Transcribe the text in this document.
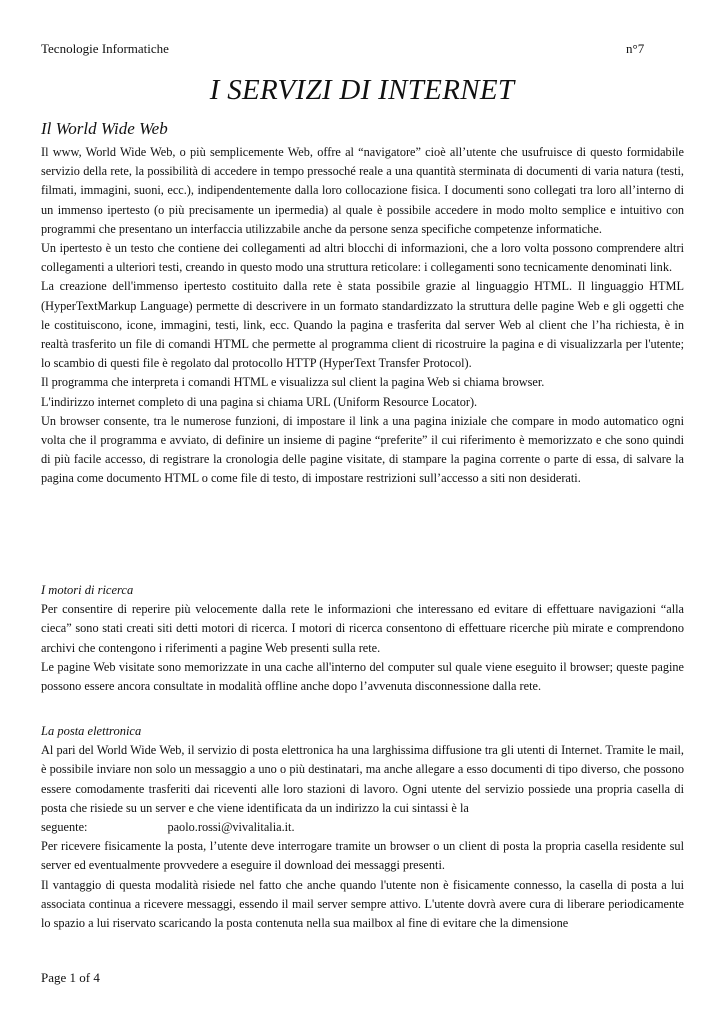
Tecnologie Informatiche	n°7
I SERVIZI DI INTERNET
Il World Wide Web

Il www, World Wide Web, o più semplicemente Web, offre al “navigatore” cioè all’utente che usufruisce di questo formidabile servizio della rete, la possibilità di accedere in tempo pressoché reale a una quantità sterminata di documenti di varia natura (testi, filmati, immagini, suoni, ecc.), indipendentemente dalla loro collocazione fisica. I documenti sono collegati tra loro all’interno di un immenso ipertesto (o più precisamente un ipermedia) al quale è possibile accedere in modo molto semplice e intuitivo con programmi che presentano un interfaccia utilizzabile anche da persone senza specifiche competenze informatiche.

Un ipertesto è un testo che contiene dei collegamenti ad altri blocchi di informazioni, che a loro volta possono comprendere altri collegamenti a ulteriori testi, creando in questo modo una struttura reticolare: i collegamenti sono tecnicamente denominati link.

La creazione dell'immenso ipertesto costituito dalla rete è stata possibile grazie al linguaggio HTML. Il linguaggio HTML (HyperTextMarkup Language) permette di descrivere in un formato standardizzato la struttura delle pagine Web e gli oggetti che le costituiscono, icone, immagini, testi, link, ecc. Quando la pagina e trasferita dal server Web al client che l’ha richiesta, è in realtà trasferito un file di comandi HTML che permette al programma client di ricostruire la pagina e di visualizzarla per l'utente; lo scambio di questi file è regolato dal protocollo HTTP (HyperText Transfer Protocol).

Il programma che interpreta i comandi HTML e visualizza sul client la pagina Web si chiama browser.

L'indirizzo internet completo di una pagina si chiama URL (Uniform Resource Locator).

Un browser consente, tra le numerose funzioni, di impostare il link a una pagina iniziale che compare in modo automatico ogni volta che il programma e avviato, di definire un insieme di pagine “preferite” il cui riferimento è memorizzato e che sono quindi di più facile accesso, di registrare la cronologia delle pagine visitate, di stampare la pagina corrente o parte di essa, di salvare la pagina come documento HTML o come file di testo, di impostare restrizioni sull’accesso a siti non desiderati.

I motori di ricerca

Per consentire di reperire più velocemente dalla rete le informazioni che interessano ed evitare di effettuare navigazioni “alla cieca” sono stati creati siti detti motori di ricerca. I motori di ricerca consentono di effettuare ricerche più mirate e comprendono archivi che contengono i riferimenti a pagine Web presenti sulla rete.

Le pagine Web visitate sono memorizzate in una cache all'interno del computer sul quale viene eseguito il browser; queste pagine possono essere ancora consultate in modalità offline anche dopo l’avvenuta disconnessione dalla rete.

La posta elettronica

Al pari del World Wide Web, il servizio di posta elettronica ha una larghissima diffusione tra gli utenti di Internet. Tramite le mail, è possibile inviare non solo un messaggio a uno o più destinatari, ma anche allegare a esso documenti di tipo diverso, che possono essere comodamente trasferiti dai riceventi alle loro stazioni di lavoro. Ogni utente del servizio possiede una propria casella di posta che risiede su un server e che viene identificata da un indirizzo la cui sintassi è la

seguente:	paolo.rossi@vivalitalia.it.

Per ricevere fisicamente la posta, l’utente deve interrogare tramite un browser o un client di posta la propria casella residente sul server ed eventualmente provvedere a eseguire il download dei messaggi presenti.

Il vantaggio di questa modalità risiede nel fatto che anche quando l'utente non è fisicamente connesso, la casella di posta a lui associata continua a ricevere messaggi, essendo il mail server sempre attivo. L'utente dovrà avere cura di liberare periodicamente lo spazio a lui riservato scaricando la posta contenuta nella sua mailbox al fine di evitare che la dimensione

Page 1 of 4
